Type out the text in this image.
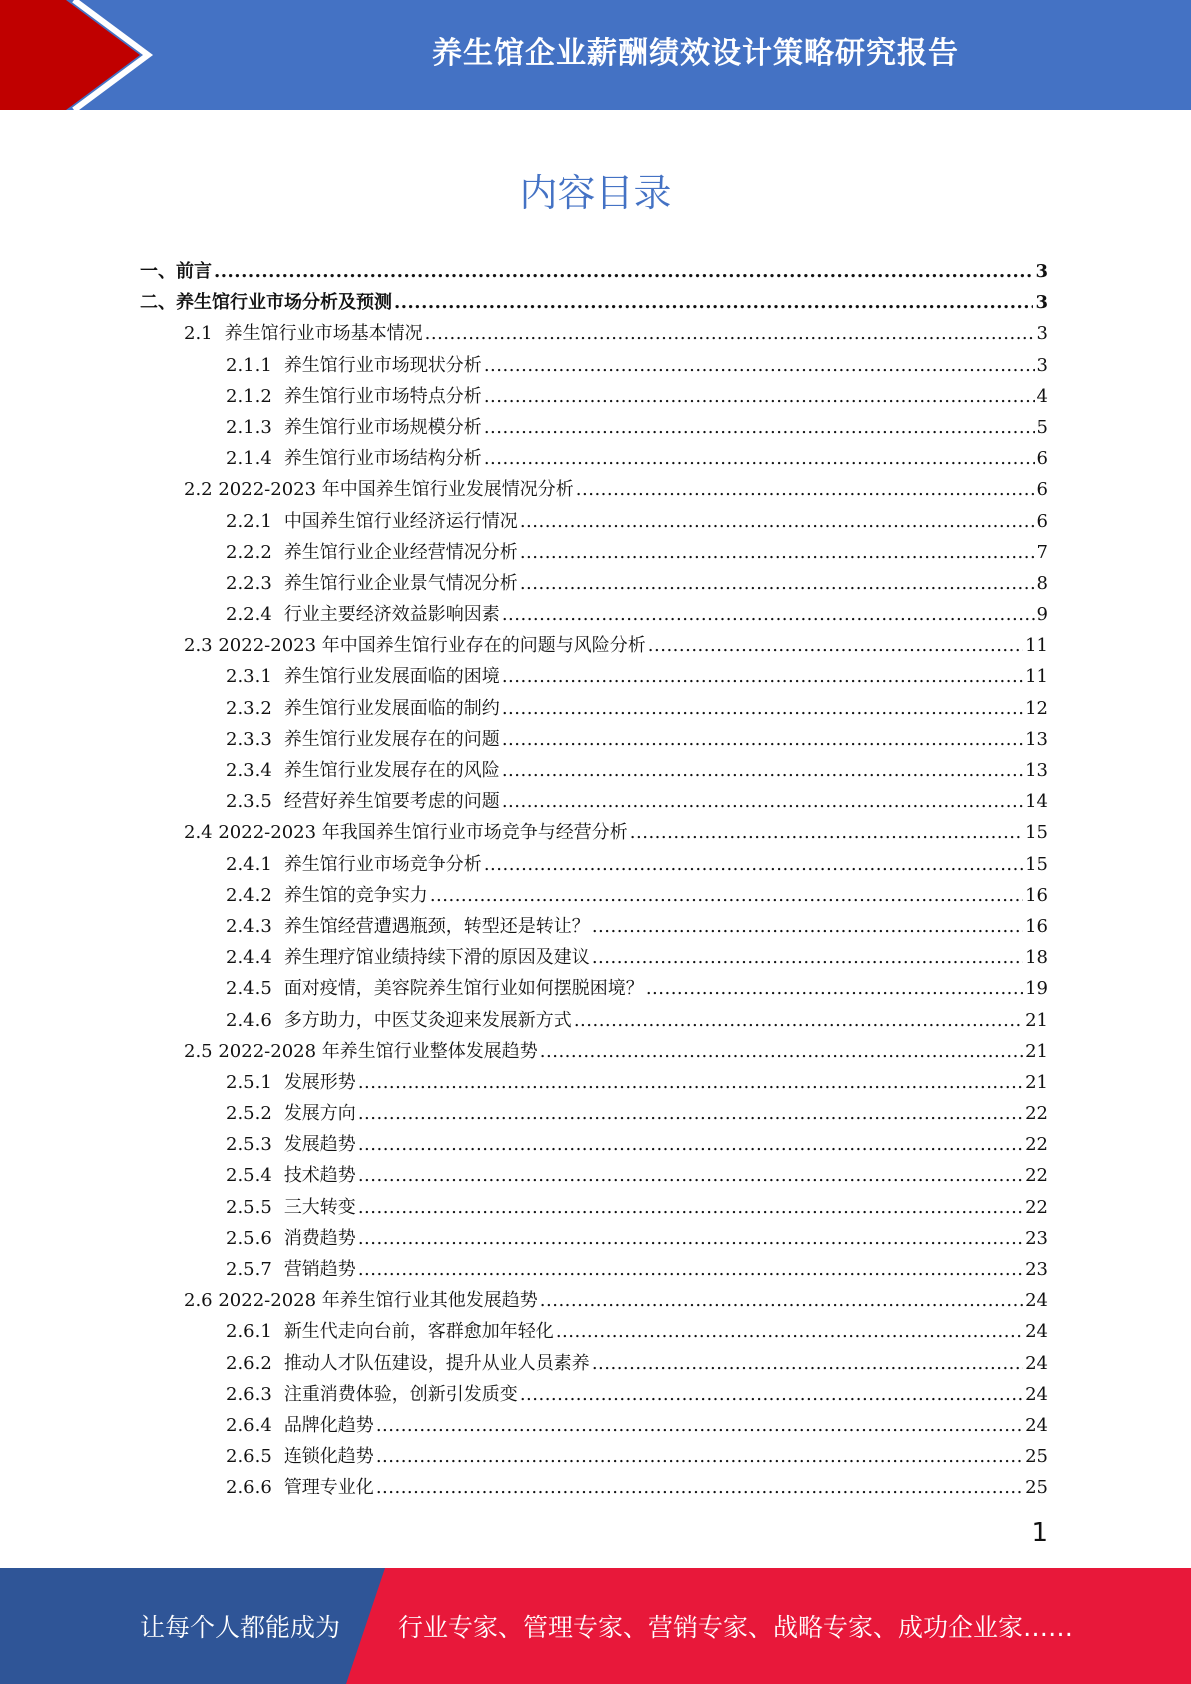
养生馆企业薪酬绩效设计策略研究报告
内容目录
一、前言 .....	3
二、养生馆行业市场分析及预测 .....	3
2.1 养生馆行业市场基本情况 .....	3
2.1.1 养生馆行业市场现状分析 .....	3
2.1.2 养生馆行业市场特点分析 .....	4
2.1.3 养生馆行业市场规模分析 .....	5
2.1.4 养生馆行业市场结构分析 .....	6
2.2 2022-2023 年中国养生馆行业发展情况分析 .....	6
2.2.1 中国养生馆行业经济运行情况 .....	6
2.2.2 养生馆行业企业经营情况分析 .....	7
2.2.3 养生馆行业企业景气情况分析 .....	8
2.2.4 行业主要经济效益影响因素 .....	9
2.3 2022-2023 年中国养生馆行业存在的问题与风险分析 .....	11
2.3.1 养生馆行业发展面临的困境 .....	11
2.3.2 养生馆行业发展面临的制约 .....	12
2.3.3 养生馆行业发展存在的问题 .....	13
2.3.4 养生馆行业发展存在的风险 .....	13
2.3.5 经营好养生馆要考虑的问题 .....	14
2.4 2022-2023 年我国养生馆行业市场竞争与经营分析 .....	15
2.4.1 养生馆行业市场竞争分析 .....	15
2.4.2 养生馆的竞争实力 .....	16
2.4.3 养生馆经营遭遇瓶颈，转型还是转让？ .....	16
2.4.4 养生理疗馆业绩持续下滑的原因及建议 .....	18
2.4.5 面对疫情，美容院养生馆行业如何摆脱困境？ .....	19
2.4.6 多方助力，中医艾灸迎来发展新方式 .....	21
2.5 2022-2028 年养生馆行业整体发展趋势 .....	21
2.5.1 发展形势 .....	21
2.5.2 发展方向 .....	22
2.5.3 发展趋势 .....	22
2.5.4 技术趋势 .....	22
2.5.5 三大转变 .....	22
2.5.6 消费趋势 .....	23
2.5.7 营销趋势 .....	23
2.6 2022-2028 年养生馆行业其他发展趋势 .....	24
2.6.1 新生代走向台前，客群愈加年轻化 .....	24
2.6.2 推动人才队伍建设，提升从业人员素养 .....	24
2.6.3 注重消费体验，创新引发质变 .....	24
2.6.4 品牌化趋势 .....	24
2.6.5 连锁化趋势 .....	25
2.6.6 管理专业化 .....	25
1
让每个人都能成为 行业专家、管理专家、营销专家、战略专家、成功企业家……
